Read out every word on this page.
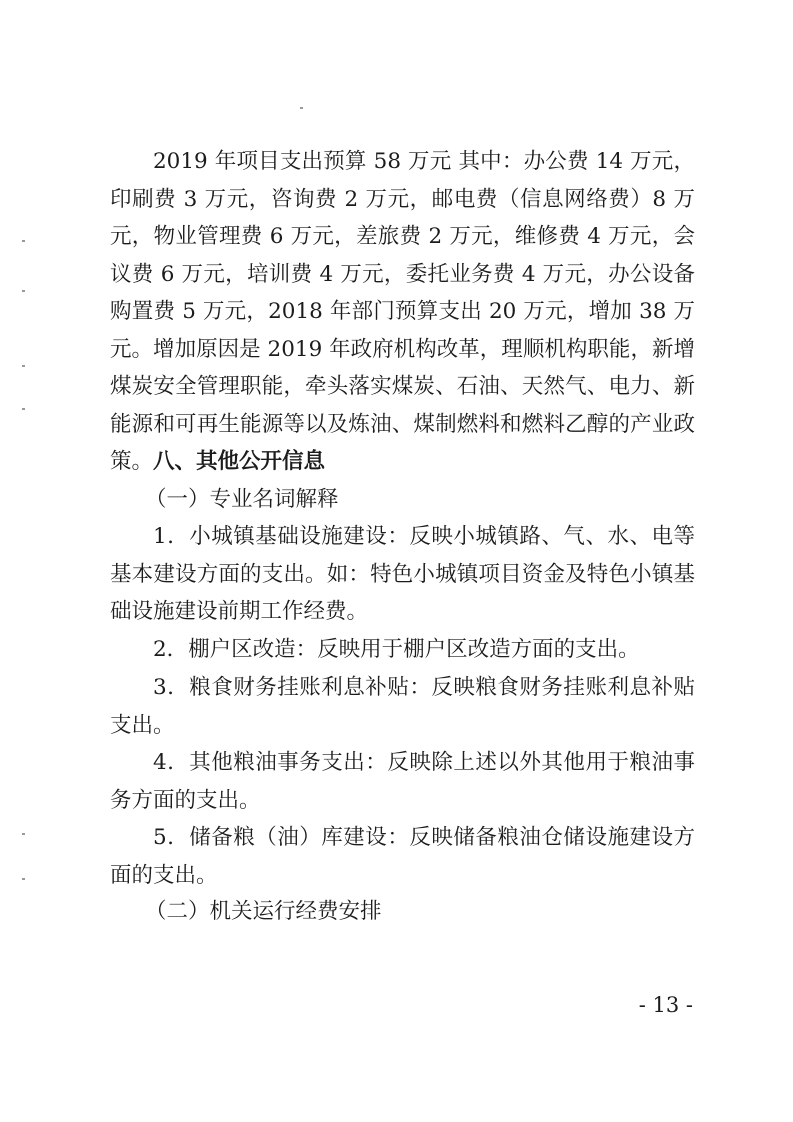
2019 年项目支出预算 58 万元 其中：办公费 14 万元，印刷费 3 万元，咨询费 2 万元，邮电费（信息网络费）8 万元，物业管理费 6 万元，差旅费 2 万元，维修费 4 万元，会议费 6 万元，培训费 4 万元，委托业务费 4 万元，办公设备购置费 5 万元，2018 年部门预算支出 20 万元，增加 38 万元。增加原因是 2019 年政府机构改革，理顺机构职能，新增煤炭安全管理职能，牵头落实煤炭、石油、天然气、电力、新能源和可再生能源等以及炼油、煤制燃料和燃料乙醇的产业政策。 八、其他公开信息
（一）专业名词解释

1．小城镇基础设施建设：反映小城镇路、气、水、电等基本建设方面的支出。如：特色小城镇项目资金及特色小镇基础设施建设前期工作经费。

2．棚户区改造：反映用于棚户区改造方面的支出。

3．粮食财务挂账利息补贴：反映粮食财务挂账利息补贴支出。

4．其他粮油事务支出：反映除上述以外其他用于粮油事务方面的支出。

5．储备粮（油）库建设：反映储备粮油仓储设施建设方面的支出。

（二）机关运行经费安排
- 13 -
